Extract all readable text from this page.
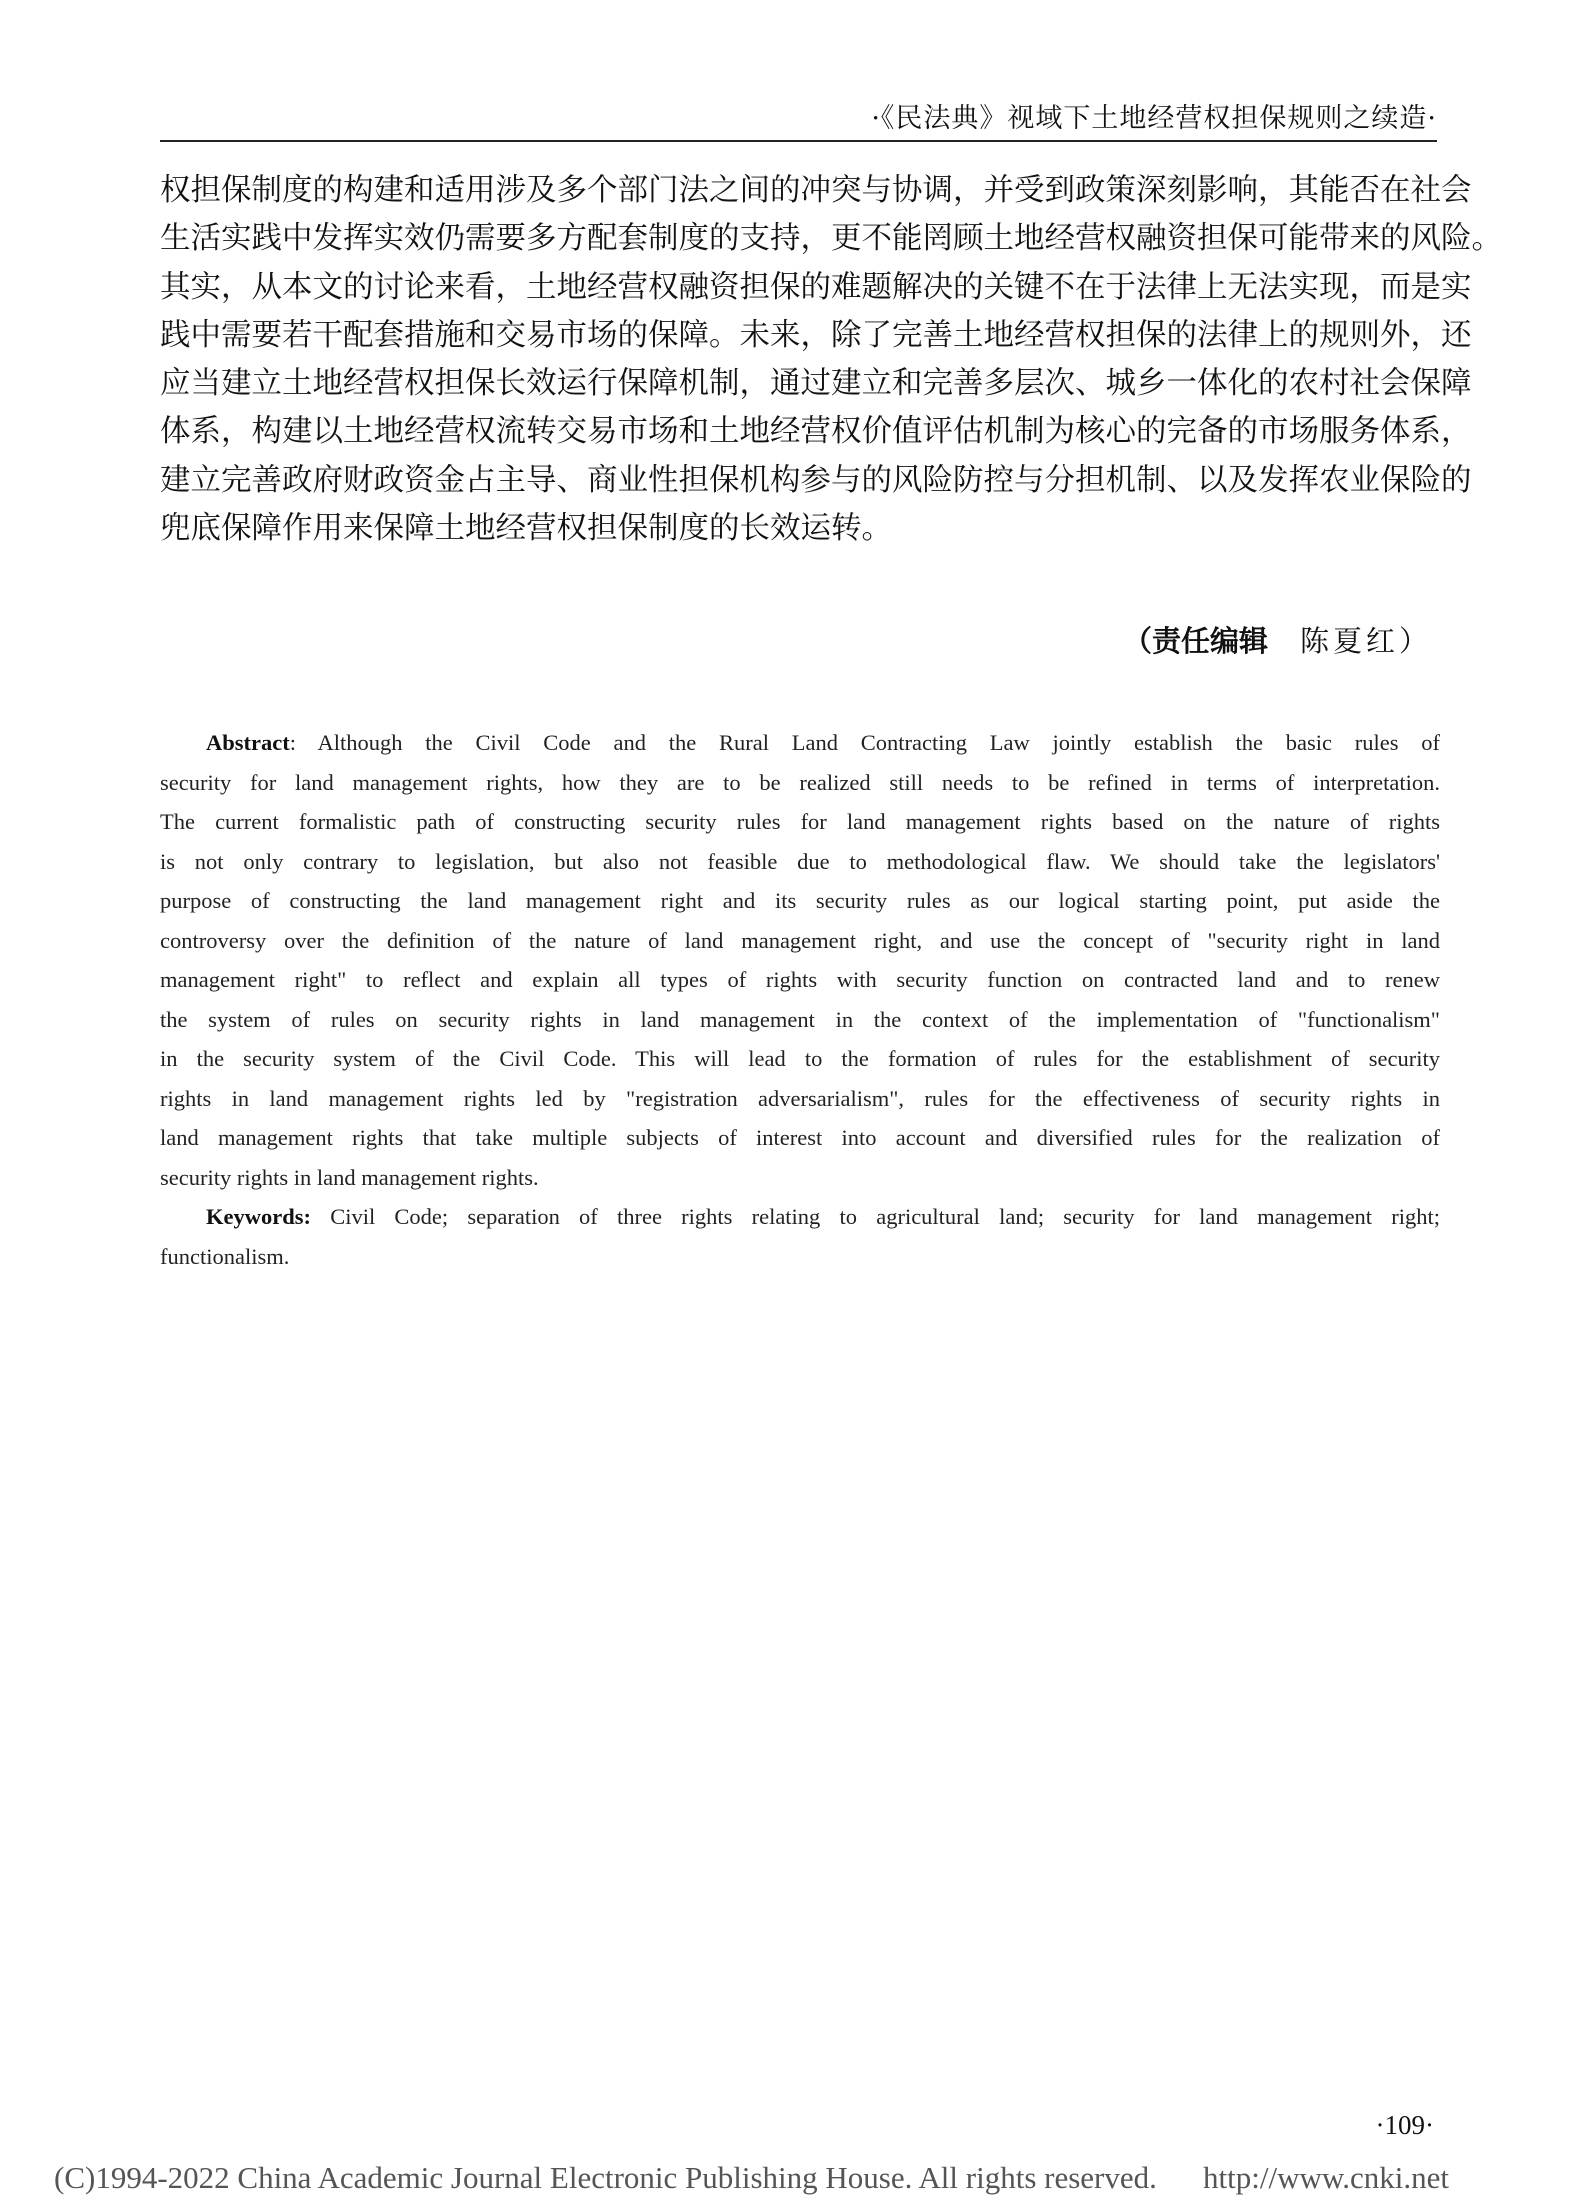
·《民法典》视域下土地经营权担保规则之续造·
权担保制度的构建和适用涉及多个部门法之间的冲突与协调，并受到政策深刻影响，其能否在社会
生活实践中发挥实效仍需要多方配套制度的支持，更不能罔顾土地经营权融资担保可能带来的风险。
其实，从本文的讨论来看，土地经营权融资担保的难题解决的关键不在于法律上无法实现，而是实
践中需要若干配套措施和交易市场的保障。未来，除了完善土地经营权担保的法律上的规则外，还
应当建立土地经营权担保长效运行保障机制，通过建立和完善多层次、城乡一体化的农村社会保障
体系，构建以土地经营权流转交易市场和土地经营权价值评估机制为核心的完备的市场服务体系，
建立完善政府财政资金占主导、商业性担保机构参与的风险防控与分担机制、以及发挥农业保险的
兜底保障作用来保障土地经营权担保制度的长效运转。
（责任编辑 陈夏红）
Abstract: Although the Civil Code and the Rural Land Contracting Law jointly establish the basic rules of
security for land management rights, how they are to be realized still needs to be refined in terms of interpretation.
The current formalistic path of constructing security rules for land management rights based on the nature of rights
is not only contrary to legislation, but also not feasible due to methodological flaw. We should take the legislators'
purpose of constructing the land management right and its security rules as our logical starting point, put aside the
controversy over the definition of the nature of land management right, and use the concept of "security right in land
management right" to reflect and explain all types of rights with security function on contracted land and to renew
the system of rules on security rights in land management in the context of the implementation of "functionalism"
in the security system of the Civil Code. This will lead to the formation of rules for the establishment of security
rights in land management rights led by "registration adversarialism", rules for the effectiveness of security rights in
land management rights that take multiple subjects of interest into account and diversified rules for the realization of
security rights in land management rights.
Keywords: Civil Code; separation of three rights relating to agricultural land; security for land management right;
functionalism.
·109·
(C)1994-2022 China Academic Journal Electronic Publishing House. All rights reserved. http://www.cnki.net
